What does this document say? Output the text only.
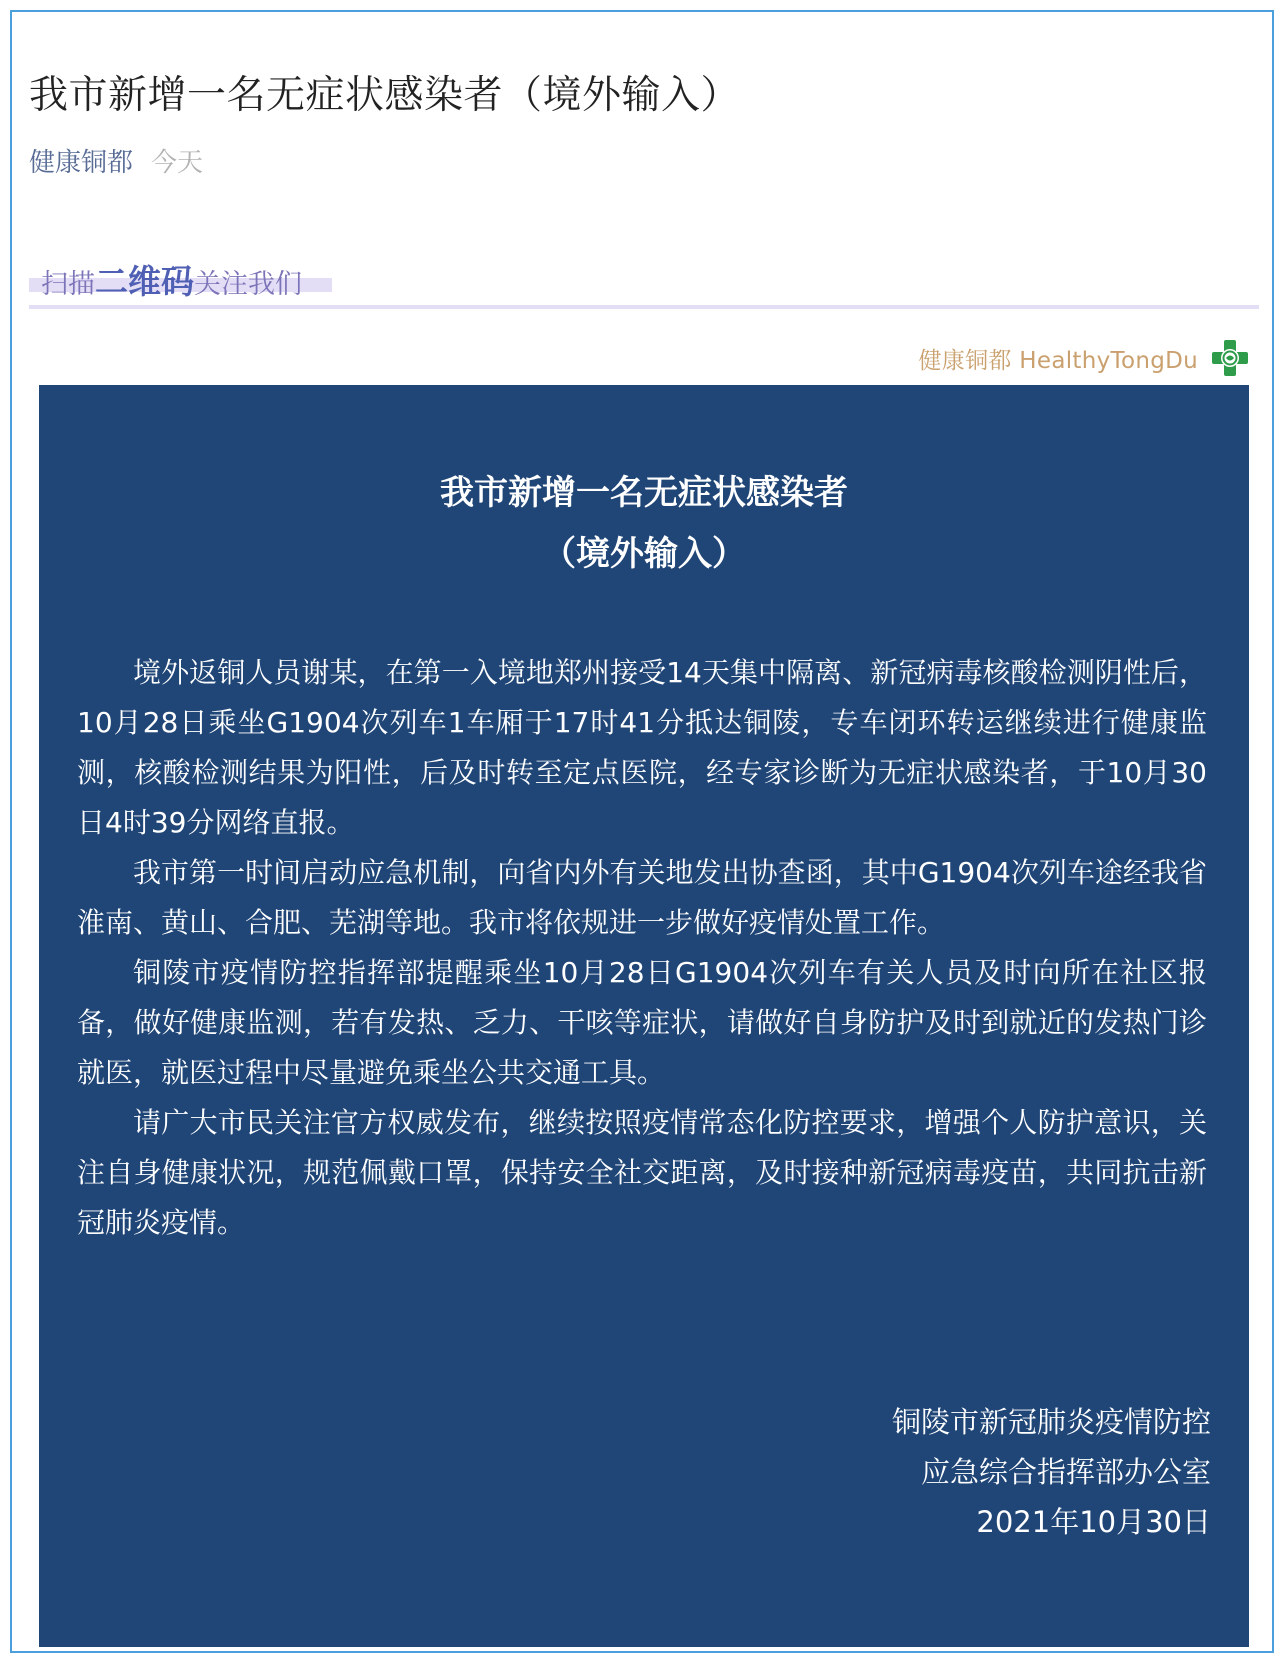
我市新增一名无症状感染者（境外输入）
健康铜都 今天
扫描二维码关注我们
健康铜都 HealthyTongDu
我市新增一名无症状感染者
（境外输入）

境外返铜人员谢某，在第一入境地郑州接受14天集中隔离、新冠病毒核酸检测阴性后，10月28日乘坐G1904次列车1车厢于17时41分抵达铜陵，专车闭环转运继续进行健康监测，核酸检测结果为阳性，后及时转至定点医院，经专家诊断为无症状感染者，于10月30日4时39分网络直报。

我市第一时间启动应急机制，向省内外有关地发出协查函，其中G1904次列车途经我省淮南、黄山、合肥、芜湖等地。我市将依规进一步做好疫情处置工作。

铜陵市疫情防控指挥部提醒乘坐10月28日G1904次列车有关人员及时向所在社区报备，做好健康监测，若有发热、乏力、干咳等症状，请做好自身防护及时到就近的发热门诊就医，就医过程中尽量避免乘坐公共交通工具。

请广大市民关注官方权威发布，继续按照疫情常态化防控要求，增强个人防护意识，关注自身健康状况，规范佩戴口罩，保持安全社交距离，及时接种新冠病毒疫苗，共同抗击新冠肺炎疫情。

铜陵市新冠肺炎疫情防控
应急综合指挥部办公室
2021年10月30日
